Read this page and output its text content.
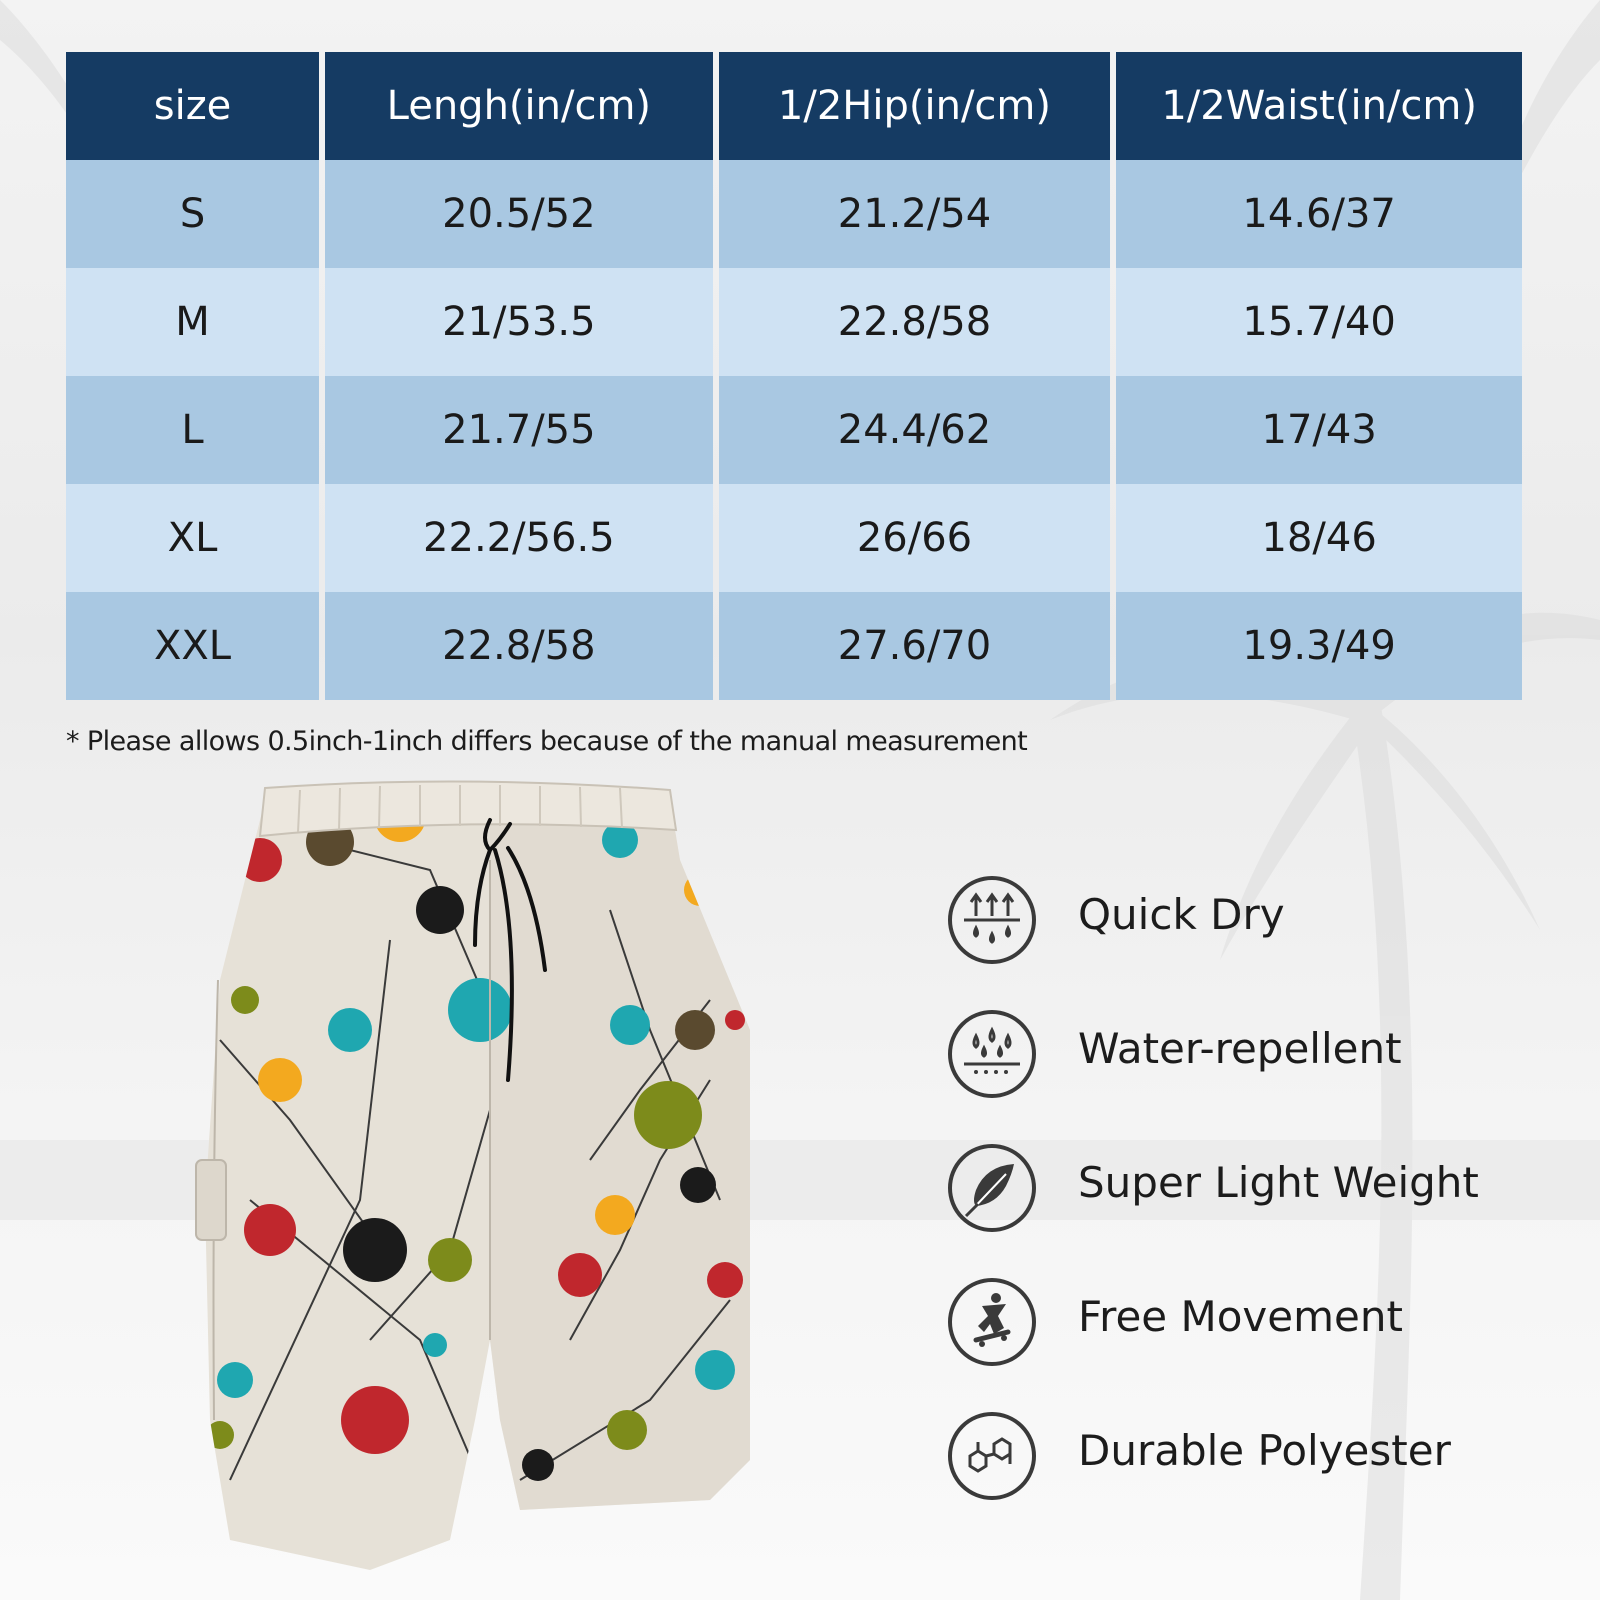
size	Lengh(in/cm)	1/2Hip(in/cm)	1/2Waist(in/cm)
S	20.5/52	21.2/54	14.6/37
M	21/53.5	22.8/58	15.7/40
L	21.7/55	24.4/62	17/43
XL	22.2/56.5	26/66	18/46
XXL	22.8/58	27.6/70	19.3/49
* Please allows 0.5inch-1inch differs because of the manual measurement
Quick Dry
Water-repellent
Super Light Weight
Free Movement
Durable Polyester
